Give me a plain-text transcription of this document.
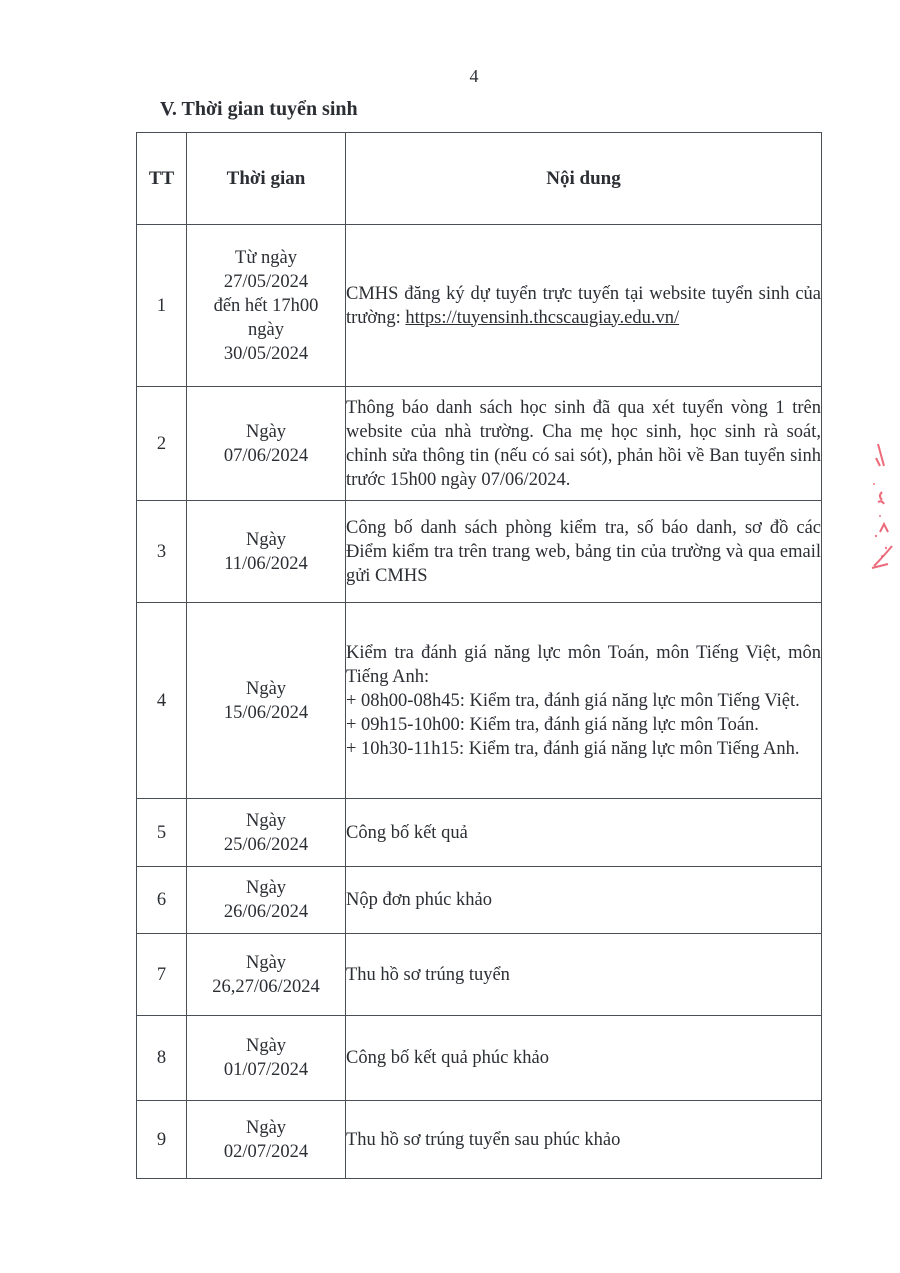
4
V. Thời gian tuyển sinh
TT	Thời gian	Nội dung
1	Từ ngày
27/05/2024
đến hết 17h00
ngày
30/05/2024	CMHS đăng ký dự tuyển trực tuyến tại website tuyển sinh của trường: https://tuyensinh.thcscaugiay.edu.vn/
2	Ngày
07/06/2024	Thông báo danh sách học sinh đã qua xét tuyển vòng 1 trên website của nhà trường. Cha mẹ học sinh, học sinh rà soát, chỉnh sửa thông tin (nếu có sai sót), phản hồi về Ban tuyển sinh trước 15h00 ngày 07/06/2024.
3	Ngày
11/06/2024	Công bố danh sách phòng kiểm tra, số báo danh, sơ đồ các Điểm kiểm tra trên trang web, bảng tin của trường và qua email gửi CMHS
4	Ngày
15/06/2024	Kiểm tra đánh giá năng lực môn Toán, môn Tiếng Việt, môn Tiếng Anh:
+ 08h00-08h45: Kiểm tra, đánh giá năng lực môn Tiếng Việt.
+ 09h15-10h00: Kiểm tra, đánh giá năng lực môn Toán.
+ 10h30-11h15: Kiểm tra, đánh giá năng lực môn Tiếng Anh.

5	Ngày
25/06/2024	Công bố kết quả
6	Ngày
26/06/2024	Nộp đơn phúc khảo
7	Ngày
26,27/06/2024	Thu hồ sơ trúng tuyển
8	Ngày
01/07/2024	Công bố kết quả phúc khảo
9	Ngày
02/07/2024	Thu hồ sơ trúng tuyển sau phúc khảo
